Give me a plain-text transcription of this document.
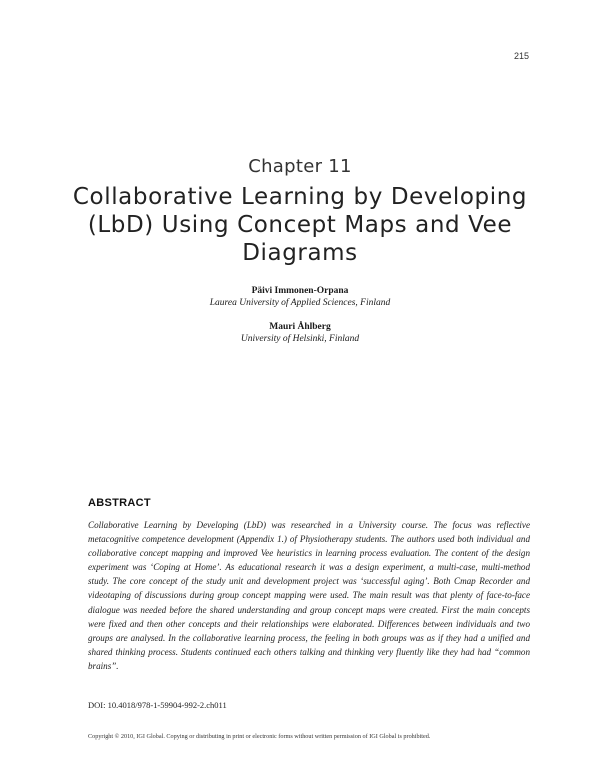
215
Chapter 11
Collaborative Learning by Developing (LbD) Using Concept Maps and Vee Diagrams
Päivi Immonen-Orpana
Laurea University of Applied Sciences, Finland
Mauri Åhlberg
University of Helsinki, Finland
ABSTRACT

Collaborative Learning by Developing (LbD) was researched in a University course. The focus was reflective metacognitive competence development (Appendix 1.) of Physiotherapy students. The authors used both individual and collaborative concept mapping and improved Vee heuristics in learning process evaluation. The content of the design experiment was ‘Coping at Home’. As educational research it was a design experiment, a multi-case, multi-method study. The core concept of the study unit and development project was ‘successful aging’. Both Cmap Recorder and videotaping of discussions during group concept mapping were used. The main result was that plenty of face-to-face dialogue was needed before the shared understanding and group concept maps were created. First the main concepts were fixed and then other concepts and their relationships were elaborated. Differences between individuals and two groups are analysed. In the collaborative learning process, the feeling in both groups was as if they had a unified and shared thinking process. Students continued each others talking and thinking very fluently like they had had “common brains”.

DOI: 10.4018/978-1-59904-992-2.ch011
Copyright © 2010, IGI Global. Copying or distributing in print or electronic forms without written permission of IGI Global is prohibited.
